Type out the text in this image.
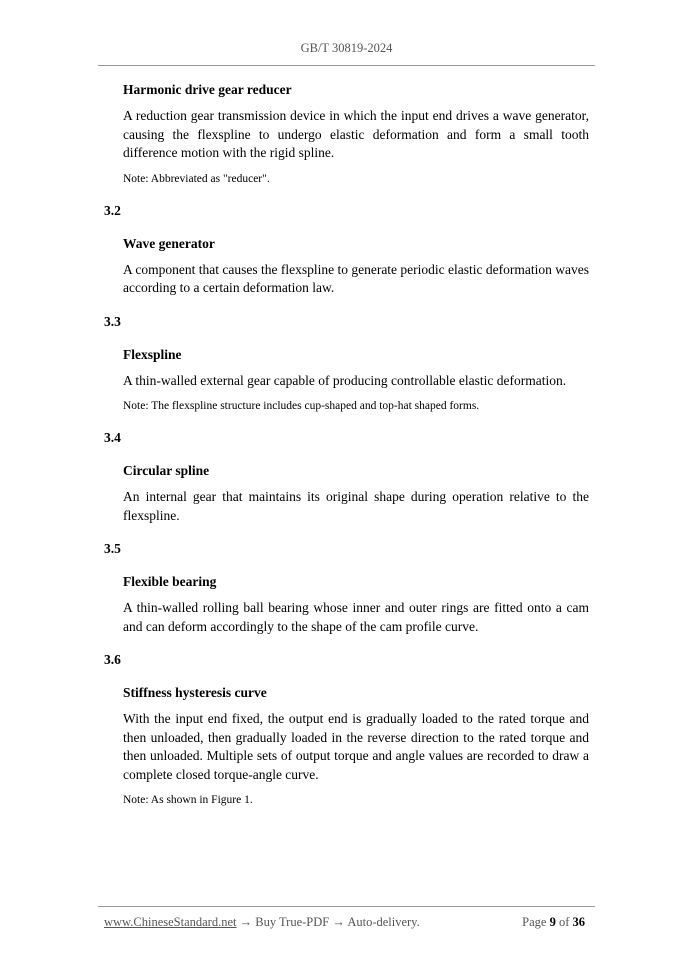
GB/T 30819-2024

Harmonic drive gear reducer

A reduction gear transmission device in which the input end drives a wave generator, causing the flexspline to undergo elastic deformation and form a small tooth difference motion with the rigid spline.

Note: Abbreviated as "reducer".

3.2

Wave generator

A component that causes the flexspline to generate periodic elastic deformation waves according to a certain deformation law.

3.3

Flexspline

A thin-walled external gear capable of producing controllable elastic deformation.

Note: The flexspline structure includes cup-shaped and top-hat shaped forms.

3.4

Circular spline

An internal gear that maintains its original shape during operation relative to the flexspline.

3.5

Flexible bearing

A thin-walled rolling ball bearing whose inner and outer rings are fitted onto a cam and can deform accordingly to the shape of the cam profile curve.

3.6

Stiffness hysteresis curve

With the input end fixed, the output end is gradually loaded to the rated torque and then unloaded, then gradually loaded in the reverse direction to the rated torque and then unloaded. Multiple sets of output torque and angle values are recorded to draw a complete closed torque-angle curve.

Note: As shown in Figure 1.

www.ChineseStandard.net → Buy True-PDF → Auto-delivery.	Page 9 of 36
